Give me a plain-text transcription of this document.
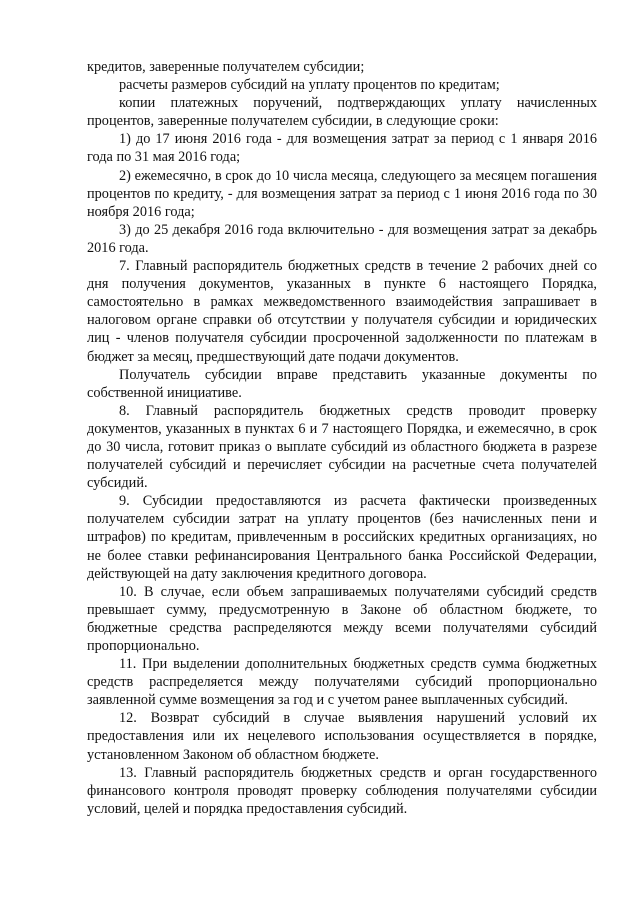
кредитов, заверенные получателем субсидии;

расчеты размеров субсидий на уплату процентов по кредитам;

копии платежных поручений, подтверждающих уплату начисленных процентов, заверенные получателем субсидии, в следующие сроки:

1) до 17 июня 2016 года - для возмещения затрат за период с 1 января 2016 года по 31 мая 2016 года;

2) ежемесячно, в срок до 10 числа месяца, следующего за месяцем погашения процентов по кредиту, - для возмещения затрат за период с 1 июня 2016 года по 30 ноября 2016 года;

3) до 25 декабря 2016 года включительно - для возмещения затрат за декабрь 2016 года.

7. Главный распорядитель бюджетных средств в течение 2 рабочих дней со дня получения документов, указанных в пункте 6 настоящего Порядка, самостоятельно в рамках межведомственного взаимодействия запрашивает в налоговом органе справки об отсутствии у получателя субсидии и юридических лиц - членов получателя субсидии просроченной задолженности по платежам в бюджет за месяц, предшествующий дате подачи документов.

Получатель субсидии вправе представить указанные документы по собственной инициативе.

8. Главный распорядитель бюджетных средств проводит проверку документов, указанных в пунктах 6 и 7 настоящего Порядка, и ежемесячно, в срок до 30 числа, готовит приказ о выплате субсидий из областного бюджета в разрезе получателей субсидий и перечисляет субсидии на расчетные счета получателей субсидий.

9. Субсидии предоставляются из расчета фактически произведенных получателем субсидии затрат на уплату процентов (без начисленных пени и штрафов) по кредитам, привлеченным в российских кредитных организациях, но не более ставки рефинансирования Центрального банка Российской Федерации, действующей на дату заключения кредитного договора.

10. В случае, если объем запрашиваемых получателями субсидий средств превышает сумму, предусмотренную в Законе об областном бюджете, то бюджетные средства распределяются между всеми получателями субсидий пропорционально.

11. При выделении дополнительных бюджетных средств сумма бюджетных средств распределяется между получателями субсидий пропорционально заявленной сумме возмещения за год и с учетом ранее выплаченных субсидий.

12. Возврат субсидий в случае выявления нарушений условий их предоставления или их нецелевого использования осуществляется в порядке, установленном Законом об областном бюджете.

13. Главный распорядитель бюджетных средств и орган государственного финансового контроля проводят проверку соблюдения получателями субсидии условий, целей и порядка предоставления субсидий.
